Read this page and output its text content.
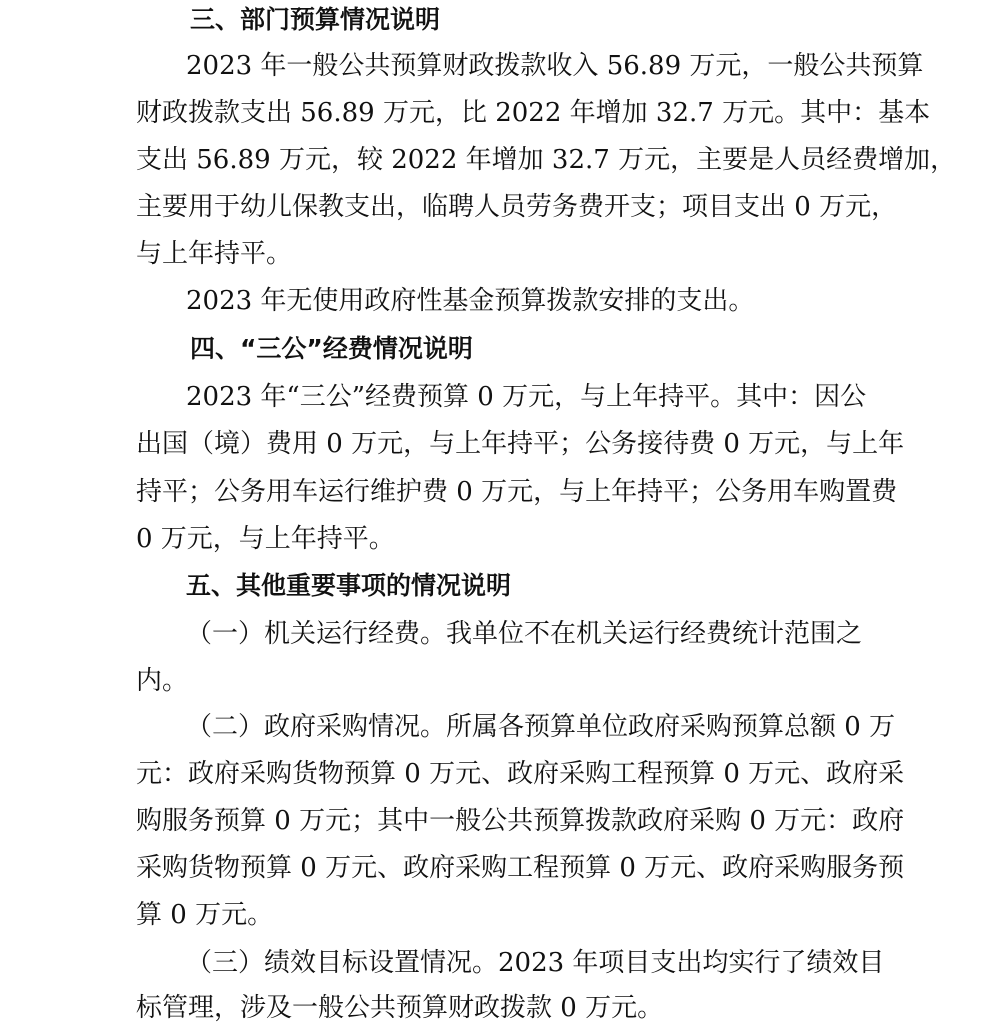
三、部门预算情况说明
2023 年一般公共预算财政拨款收入 56.89 万元，一般公共预算
财政拨款支出 56.89 万元，比 2022 年增加 32.7 万元。其中：基本
支出 56.89 万元，较 2022 年增加 32.7 万元，主要是人员经费增加，
主要用于幼儿保教支出，临聘人员劳务费开支；项目支出 0 万元，
与上年持平。
2023 年无使用政府性基金预算拨款安排的支出。
四、“三公”经费情况说明
2023 年“三公”经费预算 0 万元，与上年持平。其中：因公
出国（境）费用 0 万元，与上年持平；公务接待费 0 万元，与上年
持平；公务用车运行维护费 0 万元，与上年持平；公务用车购置费
0 万元，与上年持平。
五、其他重要事项的情况说明
（一）机关运行经费。我单位不在机关运行经费统计范围之
内。
（二）政府采购情况。所属各预算单位政府采购预算总额 0 万
元：政府采购货物预算 0 万元、政府采购工程预算 0 万元、政府采
购服务预算 0 万元；其中一般公共预算拨款政府采购 0 万元：政府
采购货物预算 0 万元、政府采购工程预算 0 万元、政府采购服务预
算 0 万元。
（三）绩效目标设置情况。2023 年项目支出均实行了绩效目
标管理，涉及一般公共预算财政拨款 0 万元。
